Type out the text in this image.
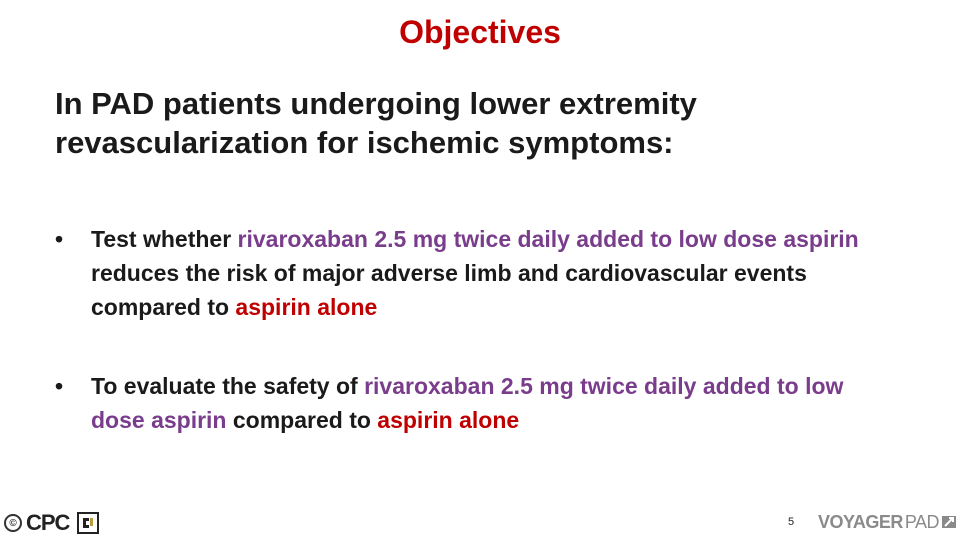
Objectives
In PAD patients undergoing lower extremity revascularization for ischemic symptoms:
•	Test whether rivaroxaban 2.5 mg twice daily added to low dose aspirin reduces the risk of major adverse limb and cardiovascular events compared to aspirin alone
•	To evaluate the safety of rivaroxaban 2.5 mg twice daily added to low dose aspirin compared to aspirin alone
© CPC	5 VOYAGER PAD
